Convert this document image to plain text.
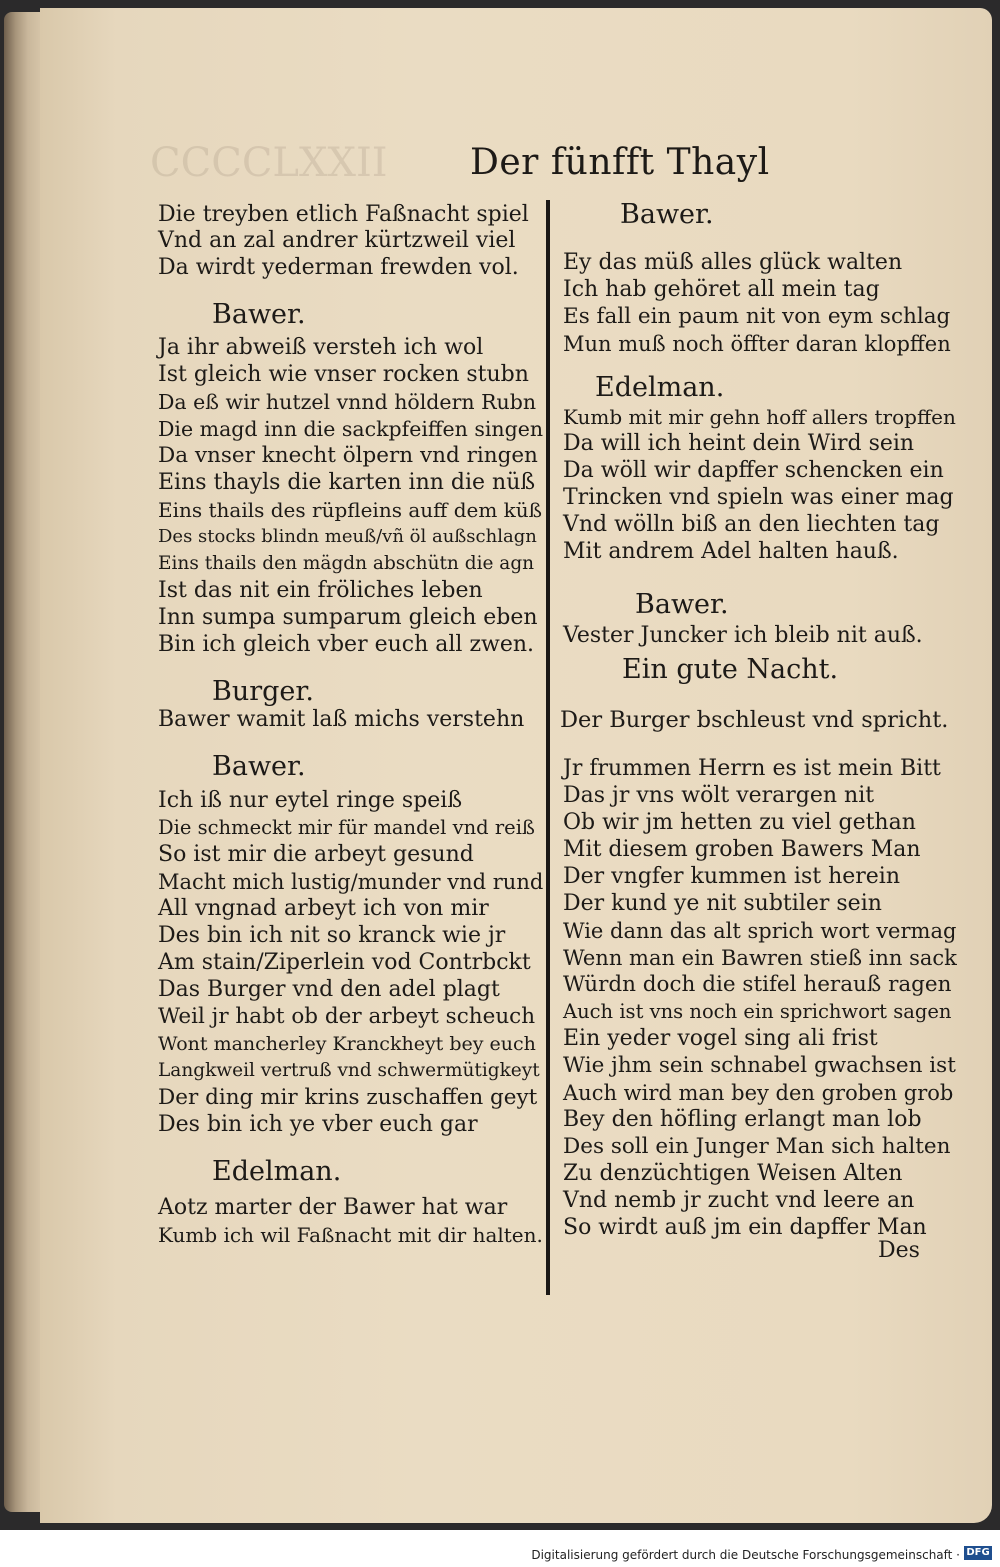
CCCCLXXII Der fünfft Thayl
Die treyben etlich Faßnacht spiel
Vnd an zal andrer kürtzweil viel
Da wirdt yederman frewden vol.
Bawer.
Ja ihr abweiß versteh ich wol
Ist gleich wie vnser rocken stubn
Da eß wir hutzel vnnd höldern Rubn
Die magd inn die sackpfeiffen singen
Da vnser knecht ölpern vnd ringen
Eins thayls die karten inn die nüß
Eins thails des rüpfleins auff dem küß
Des stocks blindn meuß/vñ öl außschlagn
Eins thails den mägdn abschütn die agn
Ist das nit ein fröliches leben
Inn sumpa sumparum gleich eben
Bin ich gleich vber euch all zwen.
Burger.
Bawer wamit laß michs verstehn
Bawer.
Ich iß nur eytel ringe speiß
Die schmeckt mir für mandel vnd reiß
So ist mir die arbeyt gesund
Macht mich lustig/munder vnd rund
All vngnad arbeyt ich von mir
Des bin ich nit so kranck wie jr
Am stain/Ziperlein vod Contrbckt
Das Burger vnd den adel plagt
Weil jr habt ob der arbeyt scheuch
Wont mancherley Kranckheyt bey euch
Langkweil vertruß vnd schwermütigkeyt
Der ding mir krins zuschaffen geyt
Des bin ich ye vber euch gar
Edelman.
Aotz marter der Bawer hat war
Kumb ich wil Faßnacht mit dir halten.
Bawer.
Ey das müß alles glück walten
Ich hab gehöret all mein tag
Es fall ein paum nit von eym schlag
Mun muß noch öffter daran klopffen
Edelman.
Kumb mit mir gehn hoff allers tropffen
Da will ich heint dein Wird sein
Da wöll wir dapffer schencken ein
Trincken vnd spieln was einer mag
Vnd wölln biß an den liechten tag
Mit andrem Adel halten hauß.
Bawer.
Vester Juncker ich bleib nit auß.
Ein gute Nacht.
Der Burger bschleust vnd spricht.
Jr frummen Herrn es ist mein Bitt
Das jr vns wölt verargen nit
Ob wir jm hetten zu viel gethan
Mit diesem groben Bawers Man
Der vngfer kummen ist herein
Der kund ye nit subtiler sein
Wie dann das alt sprich wort vermag
Wenn man ein Bawren stieß inn sack
Würdn doch die stifel herauß ragen
Auch ist vns noch ein sprichwort sagen
Ein yeder vogel sing ali frist
Wie jhm sein schnabel gwachsen ist
Auch wird man bey den groben grob
Bey den höfling erlangt man lob
Des soll ein Junger Man sich halten
Zu denzüchtigen Weisen Alten
Vnd nemb jr zucht vnd leere an
So wirdt auß jm ein dapffer Man
Des
Digitalisierung gefördert durch die Deutsche Forschungsgemeinschaft · DFG
